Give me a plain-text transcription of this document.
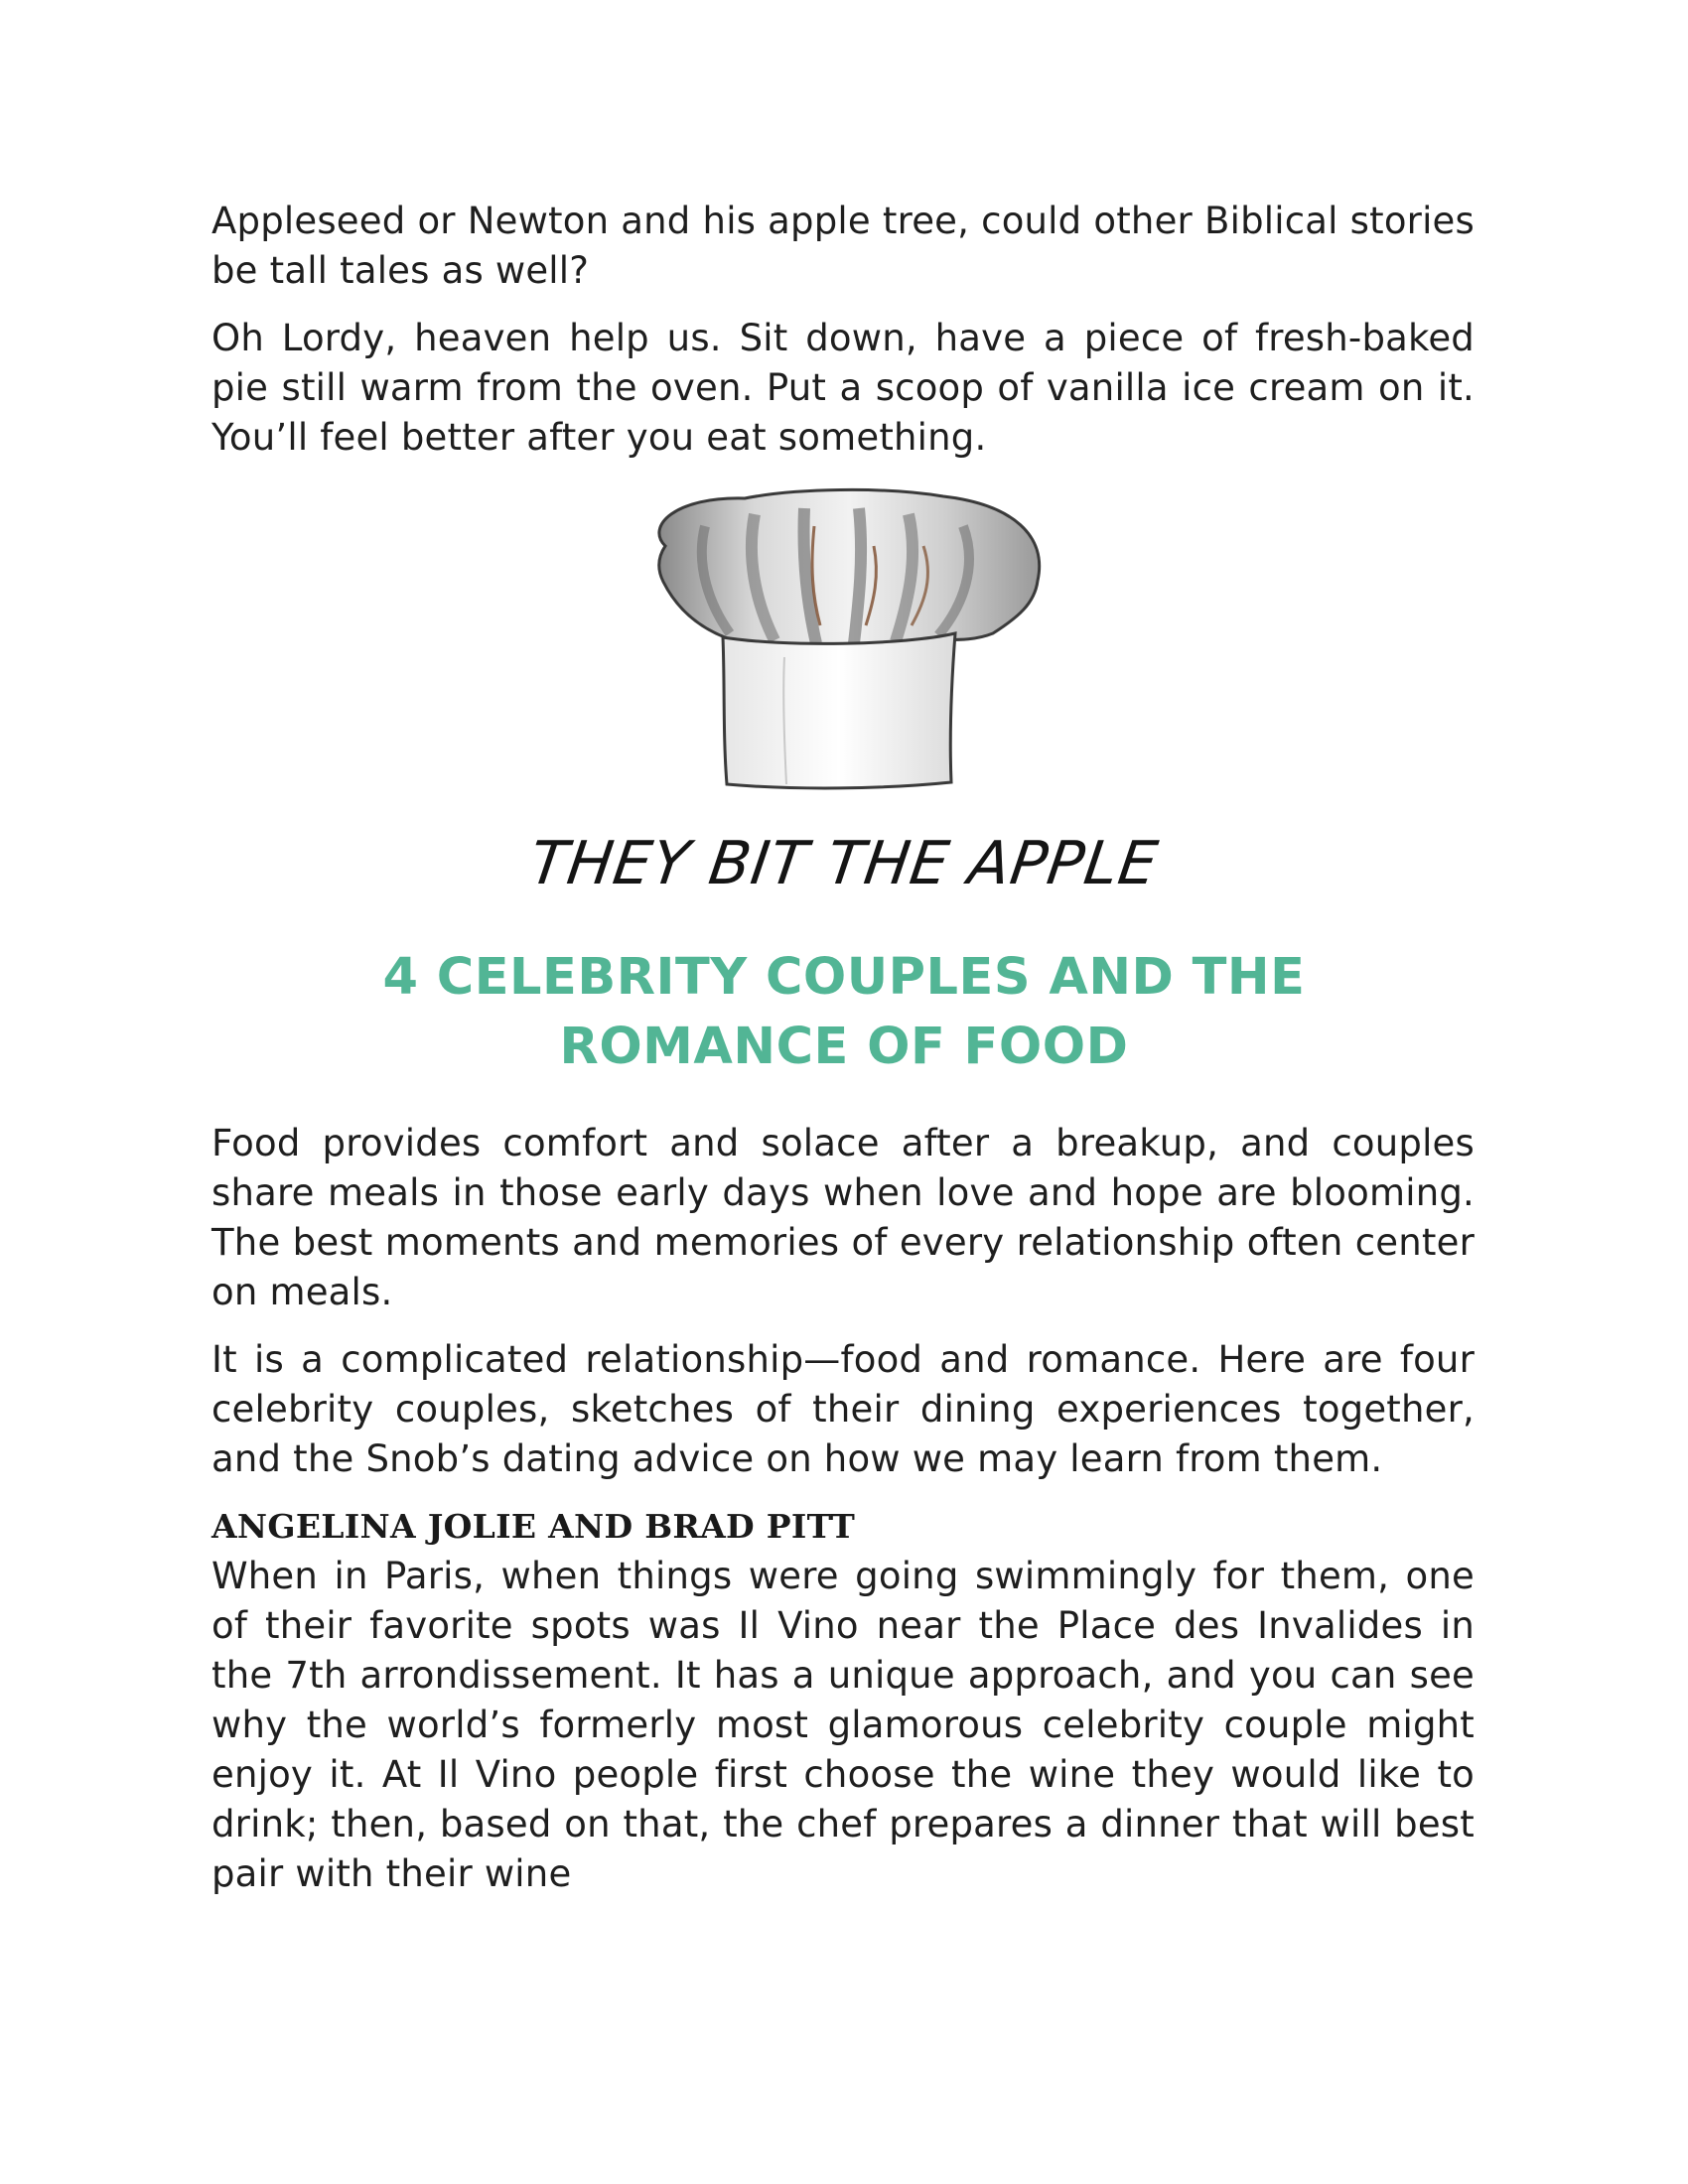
Appleseed or Newton and his apple tree, could other Biblical stories be tall tales as well?

Oh Lordy, heaven help us. Sit down, have a piece of fresh-baked pie still warm from the oven. Put a scoop of vanilla ice cream on it. You’ll feel better after you eat something.

THEY BIT THE APPLE
4 CELEBRITY COUPLES AND THE
ROMANCE OF FOOD

Food provides comfort and solace after a breakup, and couples share meals in those early days when love and hope are blooming. The best moments and memories of every relationship often center on meals.

It is a complicated relationship—food and romance. Here are four celebrity couples, sketches of their dining experiences together, and the Snob’s dating advice on how we may learn from them.

ANGELINA JOLIE AND BRAD PITT

When in Paris, when things were going swimmingly for them, one of their favorite spots was Il Vino near the Place des Invalides in the 7th arrondissement. It has a unique approach, and you can see why the world’s formerly most glamorous celebrity couple might enjoy it. At Il Vino people first choose the wine they would like to drink; then, based on that, the chef prepares a dinner that will best pair with their wine
